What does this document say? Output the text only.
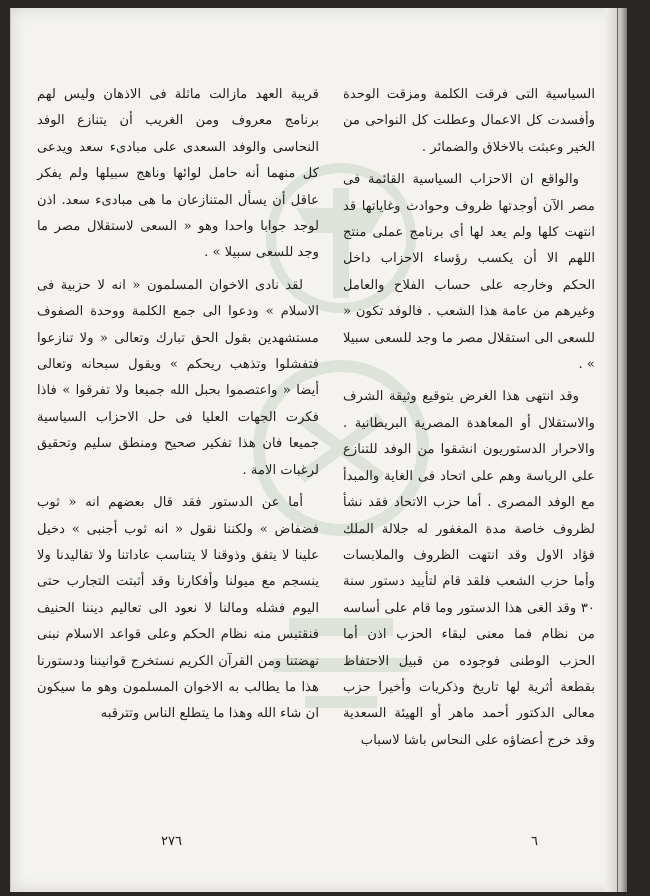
السياسية التى فرقت الكلمة ومزقت الوحدة وأفسدت كل الاعمال وعطلت كل النواحى من الخير وعبثت بالاخلاق والضمائر .

والواقع ان الاحزاب السياسية القائمة فى مصر الآن أوجدتها ظروف وحوادث وغاياتها قد انتهت كلها ولم يعد لها أى برنامج عملى منتج اللهم الا أن يكسب رؤساء الاحزاب داخل الحكم وخارجه على حساب الفلاح والعامل وغيرهم من عامة هذا الشعب . فالوفد تكون « للسعى الى استقلال مصر ما وجد للسعى سبيلا » .

وقد انتهى هذا الغرض بتوقيع وثيقة الشرف والاستقلال أو المعاهدة المصرية البريطانية . والاحرار الدستوريون انشقوا من الوفد للتنازع على الرياسة وهم على اتحاد فى الغاية والمبدأ مع الوفد المصرى . أما حزب الاتحاد فقد نشأ لظروف خاصة مدة المغفور له جلالة الملك فؤاد الاول وقد انتهت الظروف والملابسات وأما حزب الشعب فلقد قام لتأييد دستور سنة ٣٠ وقد الغى هذا الدستور وما قام على أساسه من نظام فما معنى لبقاء الحزب اذن أما الحزب الوطنى فوجوده من قبيل الاحتفاظ بقطعة أثرية لها تاريخ وذكريات وأخيرا حزب معالى الدكتور أحمد ماهر أو الهيئة السعدية وقد خرج أعضاؤه على النحاس باشا لاسباب

قريبة العهد مازالت ماثلة فى الاذهان وليس لهم برنامج معروف ومن الغريب أن يتنازع الوفد النحاسى والوفد السعدى على مبادىء سعد ويدعى كل منهما أنه حامل لوائها وناهج سبيلها ولم يفكر عاقل أن يسأل المتنازعان ما هى مبادىء سعد. اذن لوجد جوابا واحدا وهو « السعى لاستقلال مصر ما وجد للسعى سبيلا » .

لقد نادى الاخوان المسلمون « انه لا حزبية فى الاسلام » ودعوا الى جمع الكلمة ووحدة الصفوف مستشهدين بقول الحق تبارك وتعالى « ولا تنازعوا فتفشلوا وتذهب ريحكم » ويقول سبحانه وتعالى أيضا « واعتصموا بحبل الله جميعا ولا تفرقوا » فاذا فكرت الجهات العليا فى حل الاحزاب السياسية جميعا فان هذا تفكير صحيح ومنطق سليم وتحقيق لرغبات الامة .

أما عن الدستور فقد قال بعضهم انه « ثوب فضفاض » ولكننا نقول « انه ثوب أجنبى » دخيل علينا لا يتفق وذوقنا لا يتناسب عاداتنا ولا تقاليدنا ولا ينسجم مع ميولنا وأفكارنا وقد أثبتت التجارب حتى اليوم فشله ومالنا لا نعود الى تعاليم ديننا الحنيف فنقتبس منه نظام الحكم وعلى قواعد الاسلام نبنى نهضتنا ومن القرآن الكريم نستخرج قوانيننا ودستورنا هذا ما يطالب به الاخوان المسلمون وهو ما سيكون ان شاء الله وهذا ما يتطلع الناس وتترقبه

٢٧٦	٦
